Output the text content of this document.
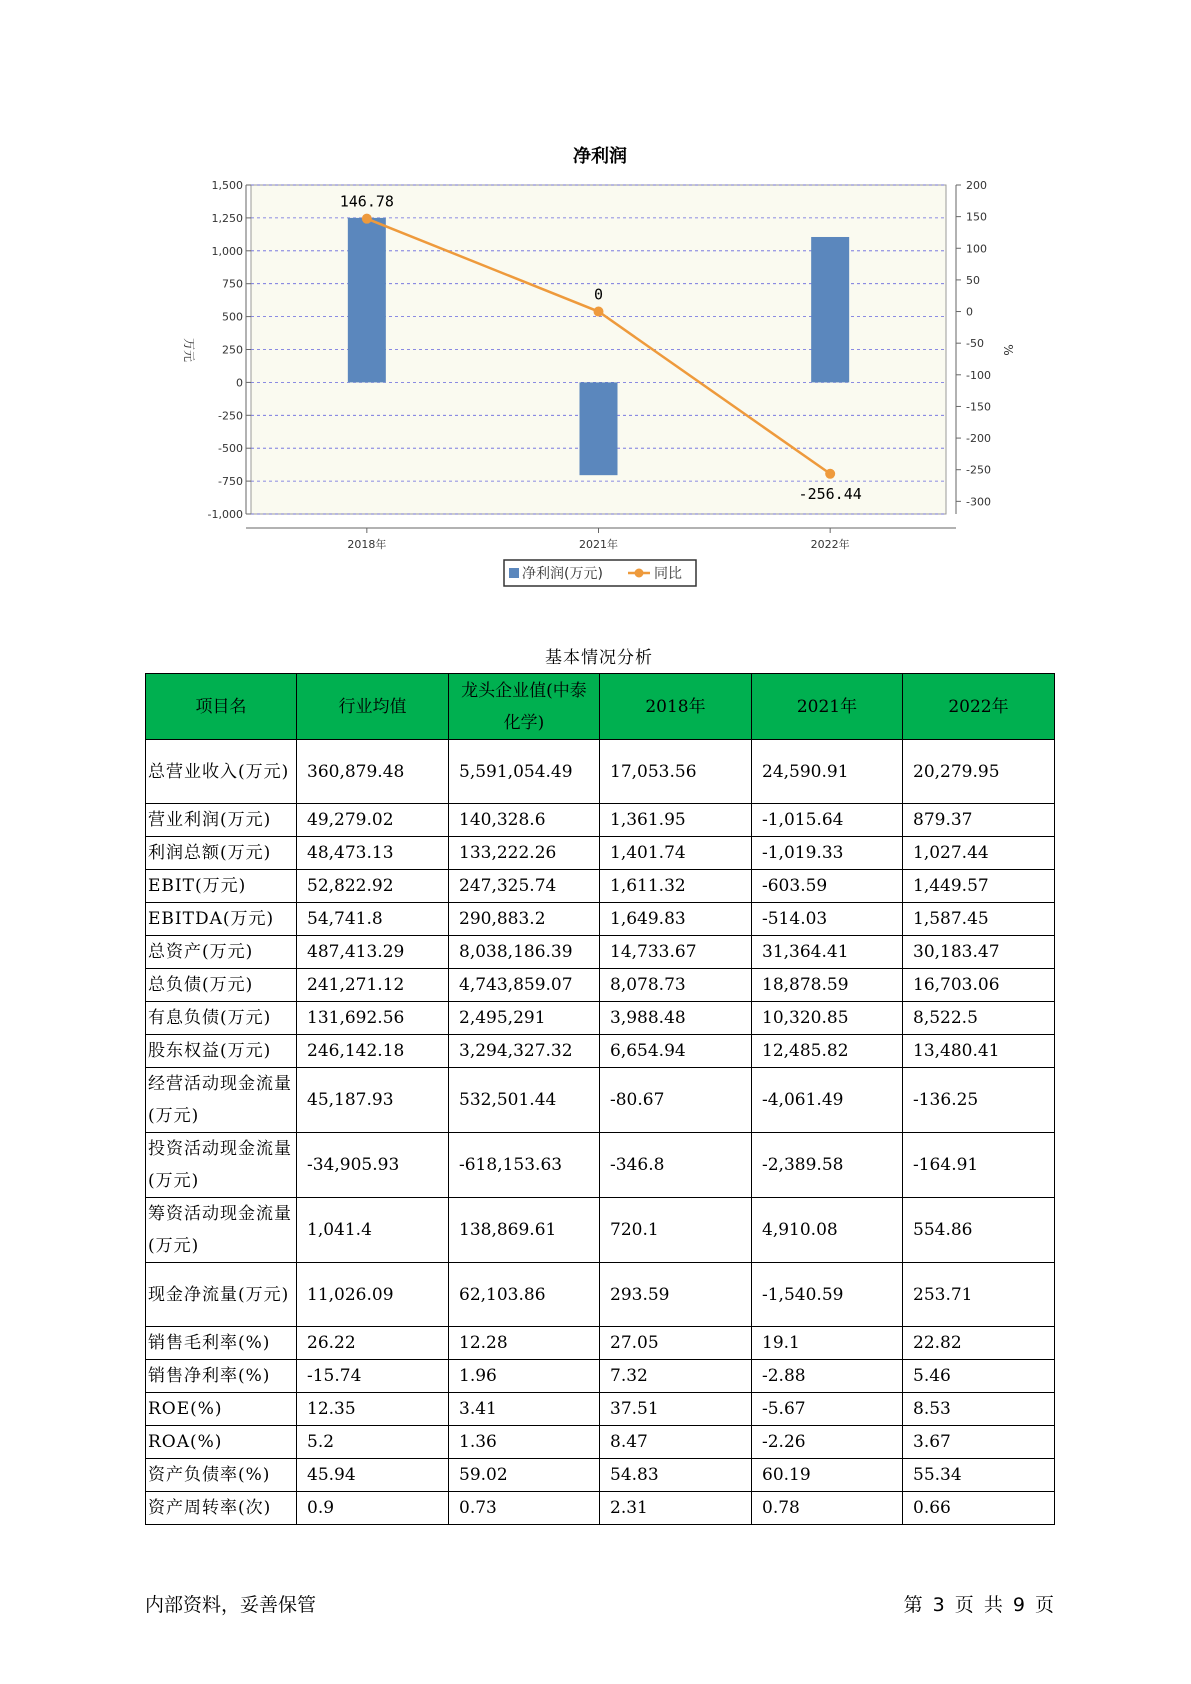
净利润
1,500
1,250
1,000
750
500
250
0
-250
-500
-750
-1,000
200
150
100
50
0
-50
-100
-150
-200
-250
-300
2018年	2021年	2022年
146.78
0
-256.44
万元	%
净利润(万元)	同比
基本情况分析
项目名	行业均值	龙头企业值(中泰化学)	2018年	2021年	2022年
总营业收入(万元)	360,879.48	5,591,054.49	17,053.56	24,590.91	20,279.95
营业利润(万元)	49,279.02	140,328.6	1,361.95	-1,015.64	879.37
利润总额(万元)	48,473.13	133,222.26	1,401.74	-1,019.33	1,027.44
EBIT(万元)	52,822.92	247,325.74	1,611.32	-603.59	1,449.57
EBITDA(万元)	54,741.8	290,883.2	1,649.83	-514.03	1,587.45
总资产(万元)	487,413.29	8,038,186.39	14,733.67	31,364.41	30,183.47
总负债(万元)	241,271.12	4,743,859.07	8,078.73	18,878.59	16,703.06
有息负债(万元)	131,692.56	2,495,291	3,988.48	10,320.85	8,522.5
股东权益(万元)	246,142.18	3,294,327.32	6,654.94	12,485.82	13,480.41
经营活动现金流量(万元)	45,187.93	532,501.44	-80.67	-4,061.49	-136.25
投资活动现金流量(万元)	-34,905.93	-618,153.63	-346.8	-2,389.58	-164.91
筹资活动现金流量(万元)	1,041.4	138,869.61	720.1	4,910.08	554.86
现金净流量(万元)	11,026.09	62,103.86	293.59	-1,540.59	253.71
销售毛利率(%)	26.22	12.28	27.05	19.1	22.82
销售净利率(%)	-15.74	1.96	7.32	-2.88	5.46
ROE(%)	12.35	3.41	37.51	-5.67	8.53
ROA(%)	5.2	1.36	8.47	-2.26	3.67
资产负债率(%)	45.94	59.02	54.83	60.19	55.34
资产周转率(次)	0.9	0.73	2.31	0.78	0.66
内部资料，妥善保管	第 3 页 共 9 页
